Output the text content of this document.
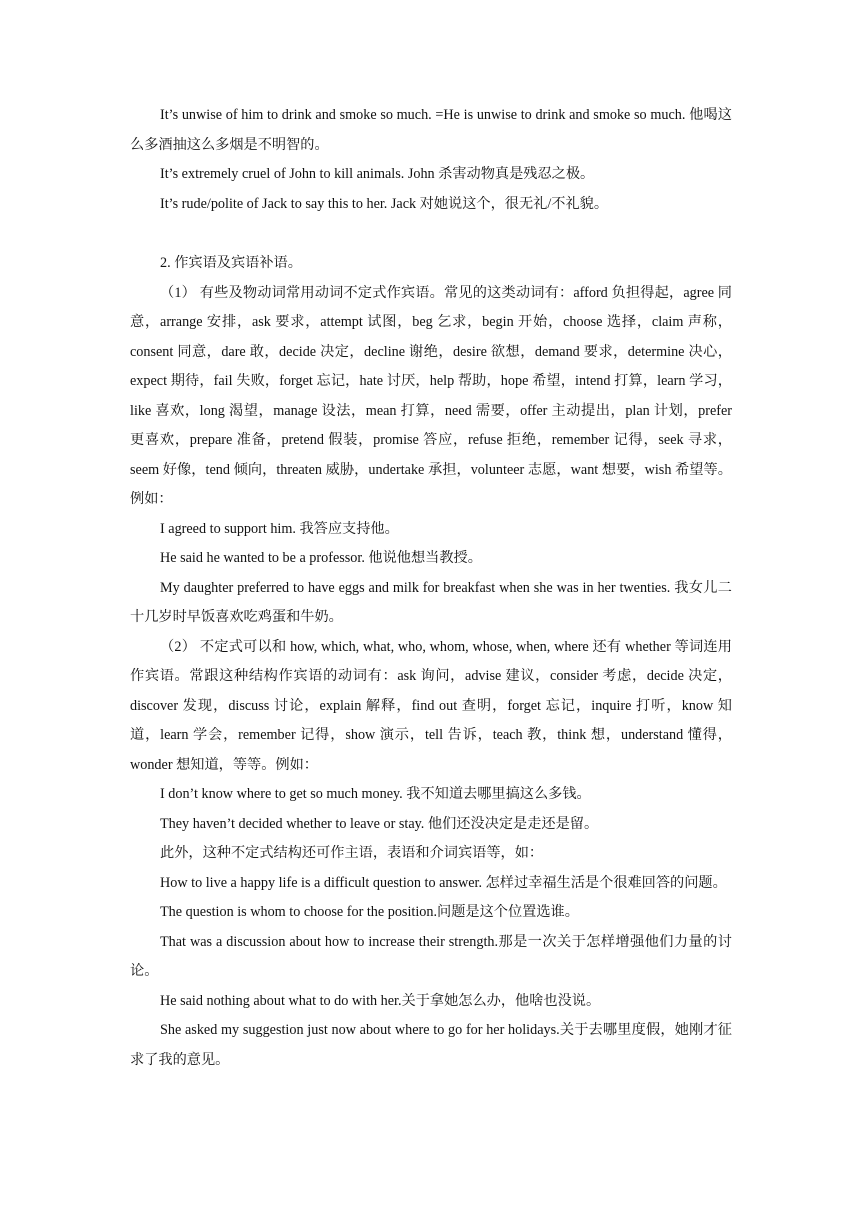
It’s unwise of him to drink and smoke so much. =He is unwise to drink and smoke so much. 他喝这么多酒抽这么多烟是不明智的。

It’s extremely cruel of John to kill animals. John 杀害动物真是残忍之极。

It’s rude/polite of Jack to say this to her. Jack 对她说这个，很无礼/不礼貌。

2. 作宾语及宾语补语。

（1） 有些及物动词常用动词不定式作宾语。常见的这类动词有：afford 负担得起，agree 同意，arrange 安排，ask 要求，attempt 试图，beg 乞求，begin 开始，choose 选择，claim 声称，consent 同意，dare 敢，decide 决定，decline 谢绝，desire 欲想，demand 要求，determine 决心，expect 期待，fail 失败，forget 忘记，hate 讨厌，help 帮助，hope 希望，intend 打算，learn 学习，like 喜欢，long 渴望，manage 设法，mean 打算，need 需要，offer 主动提出，plan 计划，prefer 更喜欢，prepare 准备，pretend 假装，promise 答应，refuse 拒绝，remember 记得，seek 寻求，seem 好像，tend 倾向，threaten 威胁，undertake 承担，volunteer 志愿，want 想要，wish 希望等。例如：

I agreed to support him. 我答应支持他。

He said he wanted to be a professor. 他说他想当教授。

My daughter preferred to have eggs and milk for breakfast when she was in her twenties. 我女儿二十几岁时早饭喜欢吃鸡蛋和牛奶。

（2） 不定式可以和 how, which, what, who, whom, whose, when, where 还有 whether 等词连用作宾语。常跟这种结构作宾语的动词有：ask 询问，advise 建议，consider 考虑，decide 决定，discover 发现，discuss 讨论，explain 解释，find out 查明，forget 忘记，inquire 打听，know 知道，learn 学会，remember 记得，show 演示，tell 告诉，teach 教，think 想，understand 懂得，wonder 想知道，等等。例如：

I don’t know where to get so much money. 我不知道去哪里搞这么多钱。

They haven’t decided whether to leave or stay. 他们还没决定是走还是留。

此外，这种不定式结构还可作主语，表语和介词宾语等，如：

How to live a happy life is a difficult question to answer. 怎样过幸福生活是个很难回答的问题。

The question is whom to choose for the position.问题是这个位置选谁。

That was a discussion about how to increase their strength.那是一次关于怎样增强他们力量的讨论。

He said nothing about what to do with her.关于拿她怎么办，他啥也没说。

She asked my suggestion just now about where to go for her holidays.关于去哪里度假，她刚才征求了我的意见。
